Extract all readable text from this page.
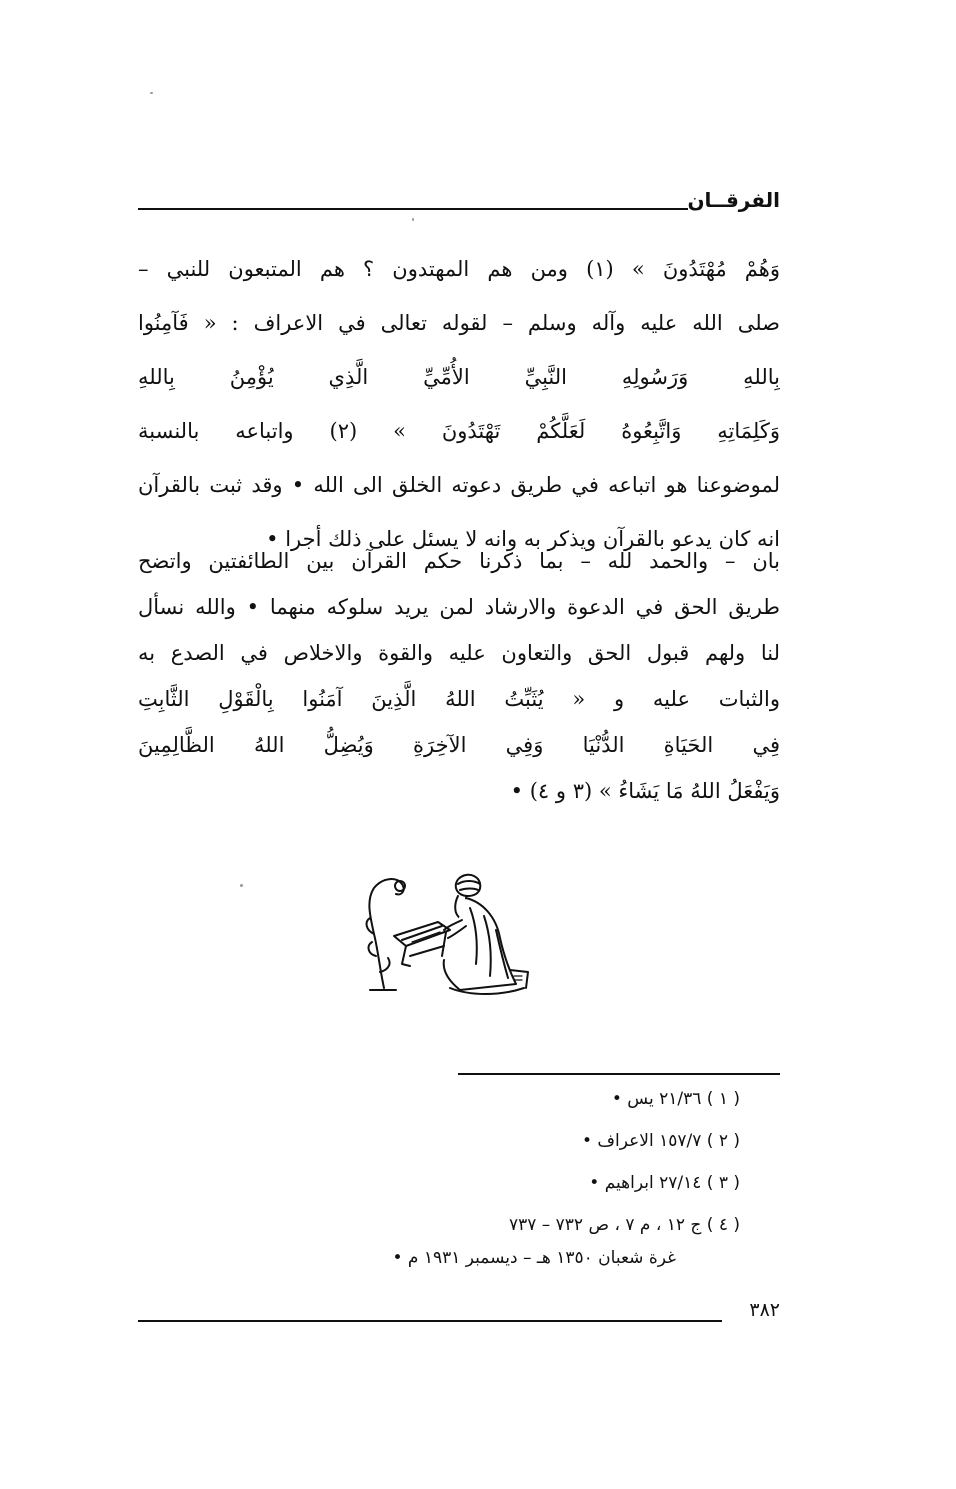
الفرقــان
وَهُمْ مُهْتَدُونَ » (١) ومن هم المهتدون ؟ هم المتبعون للنبي –
صلى الله عليه وآله وسلم – لقوله تعالى في الاعراف : « فَآمِنُوا
بِاللهِ وَرَسُولِهِ النَّبِيِّ الأُمِّيِّ الَّذِي يُؤْمِنُ بِاللهِ
وَكَلِمَاتِهِ وَاتَّبِعُوهُ لَعَلَّكُمْ تَهْتَدُونَ » (٢) واتباعه بالنسبة
لموضوعنا هو اتباعه في طريق دعوته الخلق الى الله • وقد ثبت بالقرآن
انه كان يدعو بالقرآن ويذكر به وانه لا يسئل على ذلك أجرا •
بان – والحمد لله – بما ذكرنا حكم القرآن بين الطائفتين واتضح
طريق الحق في الدعوة والارشاد لمن يريد سلوكه منهما • والله نسأل
لنا ولهم قبول الحق والتعاون عليه والقوة والاخلاص في الصدع به
والثبات عليه و « يُثَبِّتُ اللهُ الَّذِينَ آمَنُوا بِالْقَوْلِ الثَّابِتِ
فِي الحَيَاةِ الدُّنْيَا وَفِي الآخِرَةِ وَيُضِلُّ اللهُ الظَّالِمِينَ
وَيَفْعَلُ اللهُ مَا يَشَاءُ » (٣ و ٤) •
( ١ ) ٢١/٣٦ يس •
( ٢ ) ١٥٧/٧ الاعراف •
( ٣ ) ٢٧/١٤ ابراهيم •
( ٤ ) ج ١٢ ، م ٧ ، ص ٧٣٢ – ٧٣٧
غرة شعبان ١٣٥٠ هـ – ديسمبر ١٩٣١ م •
٣٨٢
